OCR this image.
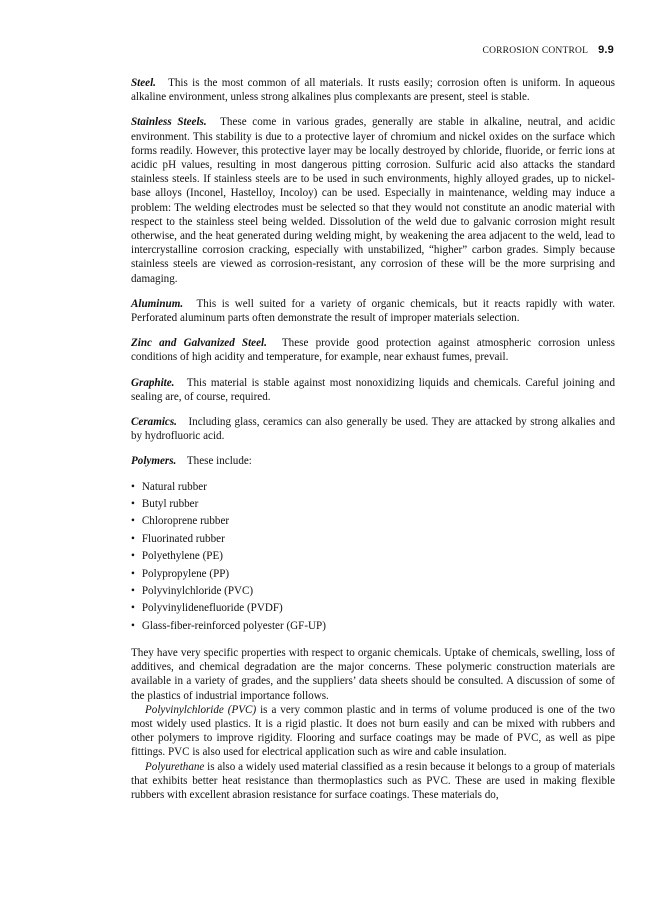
CORROSION CONTROL 9.9

Steel. This is the most common of all materials. It rusts easily; corrosion often is uniform. In aqueous alkaline environment, unless strong alkalines plus complexants are present, steel is stable.

Stainless Steels. These come in various grades, generally are stable in alkaline, neutral, and acidic environment. This stability is due to a protective layer of chromium and nickel oxides on the surface which forms readily. However, this protective layer may be locally destroyed by chloride, fluoride, or ferric ions at acidic pH values, resulting in most dangerous pitting corrosion. Sulfuric acid also attacks the standard stainless steels. If stainless steels are to be used in such environments, highly alloyed grades, up to nickel-base alloys (Inconel, Hastelloy, Incoloy) can be used. Especially in maintenance, welding may induce a problem: The welding electrodes must be selected so that they would not constitute an anodic material with respect to the stainless steel being welded. Dissolution of the weld due to galvanic corrosion might result otherwise, and the heat generated during welding might, by weakening the area adjacent to the weld, lead to intercrystalline corrosion cracking, especially with unstabilized, “higher” carbon grades. Simply because stainless steels are viewed as corrosion-resistant, any corrosion of these will be the more surprising and damaging.

Aluminum. This is well suited for a variety of organic chemicals, but it reacts rapidly with water. Perforated aluminum parts often demonstrate the result of improper materials selection.

Zinc and Galvanized Steel. These provide good protection against atmospheric corrosion unless conditions of high acidity and temperature, for example, near exhaust fumes, prevail.

Graphite. This material is stable against most nonoxidizing liquids and chemicals. Careful joining and sealing are, of course, required.

Ceramics. Including glass, ceramics can also generally be used. They are attacked by strong alkalies and by hydrofluoric acid.

Polymers. These include:

• Natural rubber
• Butyl rubber
• Chloroprene rubber
• Fluorinated rubber
• Polyethylene (PE)
• Polypropylene (PP)
• Polyvinylchloride (PVC)
• Polyvinylidenefluoride (PVDF)
• Glass-fiber-reinforced polyester (GF-UP)

They have very specific properties with respect to organic chemicals. Uptake of chemicals, swelling, loss of additives, and chemical degradation are the major concerns. These polymeric construction materials are available in a variety of grades, and the suppliers’ data sheets should be consulted. A discussion of some of the plastics of industrial importance follows.

Polyvinylchloride (PVC) is a very common plastic and in terms of volume produced is one of the two most widely used plastics. It is a rigid plastic. It does not burn easily and can be mixed with rubbers and other polymers to improve rigidity. Flooring and surface coatings may be made of PVC, as well as pipe fittings. PVC is also used for electrical application such as wire and cable insulation.

Polyurethane is also a widely used material classified as a resin because it belongs to a group of materials that exhibits better heat resistance than thermoplastics such as PVC. These are used in making flexible rubbers with excellent abrasion resistance for surface coatings. These materials do,
